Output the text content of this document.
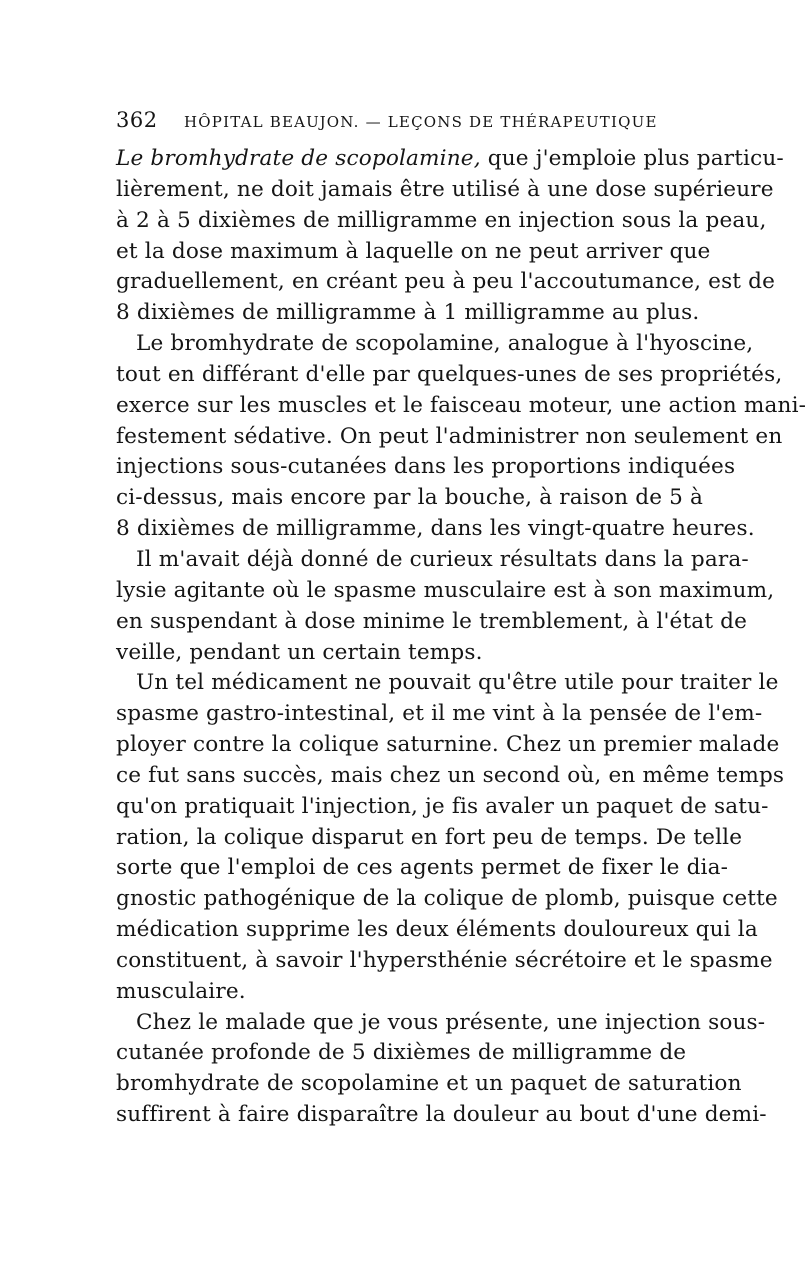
362	HÔPITAL BEAUJON. — LEÇONS DE THÉRAPEUTIQUE
Le bromhydrate de scopolamine, que j'emploie plus particu-
lièrement, ne doit jamais être utilisé à une dose supérieure
à 2 à 5 dixièmes de milligramme en injection sous la peau,
et la dose maximum à laquelle on ne peut arriver que
graduellement, en créant peu à peu l'accoutumance, est de
8 dixièmes de milligramme à 1 milligramme au plus.
Le bromhydrate de scopolamine, analogue à l'hyoscine,
tout en différant d'elle par quelques-unes de ses propriétés,
exerce sur les muscles et le faisceau moteur, une action mani-
festement sédative. On peut l'administrer non seulement en
injections sous-cutanées dans les proportions indiquées
ci-dessus, mais encore par la bouche, à raison de 5 à
8 dixièmes de milligramme, dans les vingt-quatre heures.
Il m'avait déjà donné de curieux résultats dans la para-
lysie agitante où le spasme musculaire est à son maximum,
en suspendant à dose minime le tremblement, à l'état de
veille, pendant un certain temps.
Un tel médicament ne pouvait qu'être utile pour traiter le
spasme gastro-intestinal, et il me vint à la pensée de l'em-
ployer contre la colique saturnine. Chez un premier malade
ce fut sans succès, mais chez un second où, en même temps
qu'on pratiquait l'injection, je fis avaler un paquet de satu-
ration, la colique disparut en fort peu de temps. De telle
sorte que l'emploi de ces agents permet de fixer le dia-
gnostic pathogénique de la colique de plomb, puisque cette
médication supprime les deux éléments douloureux qui la
constituent, à savoir l'hypersthénie sécrétoire et le spasme
musculaire.
Chez le malade que je vous présente, une injection sous-
cutanée profonde de 5 dixièmes de milligramme de
bromhydrate de scopolamine et un paquet de saturation
suffirent à faire disparaître la douleur au bout d'une demi-
